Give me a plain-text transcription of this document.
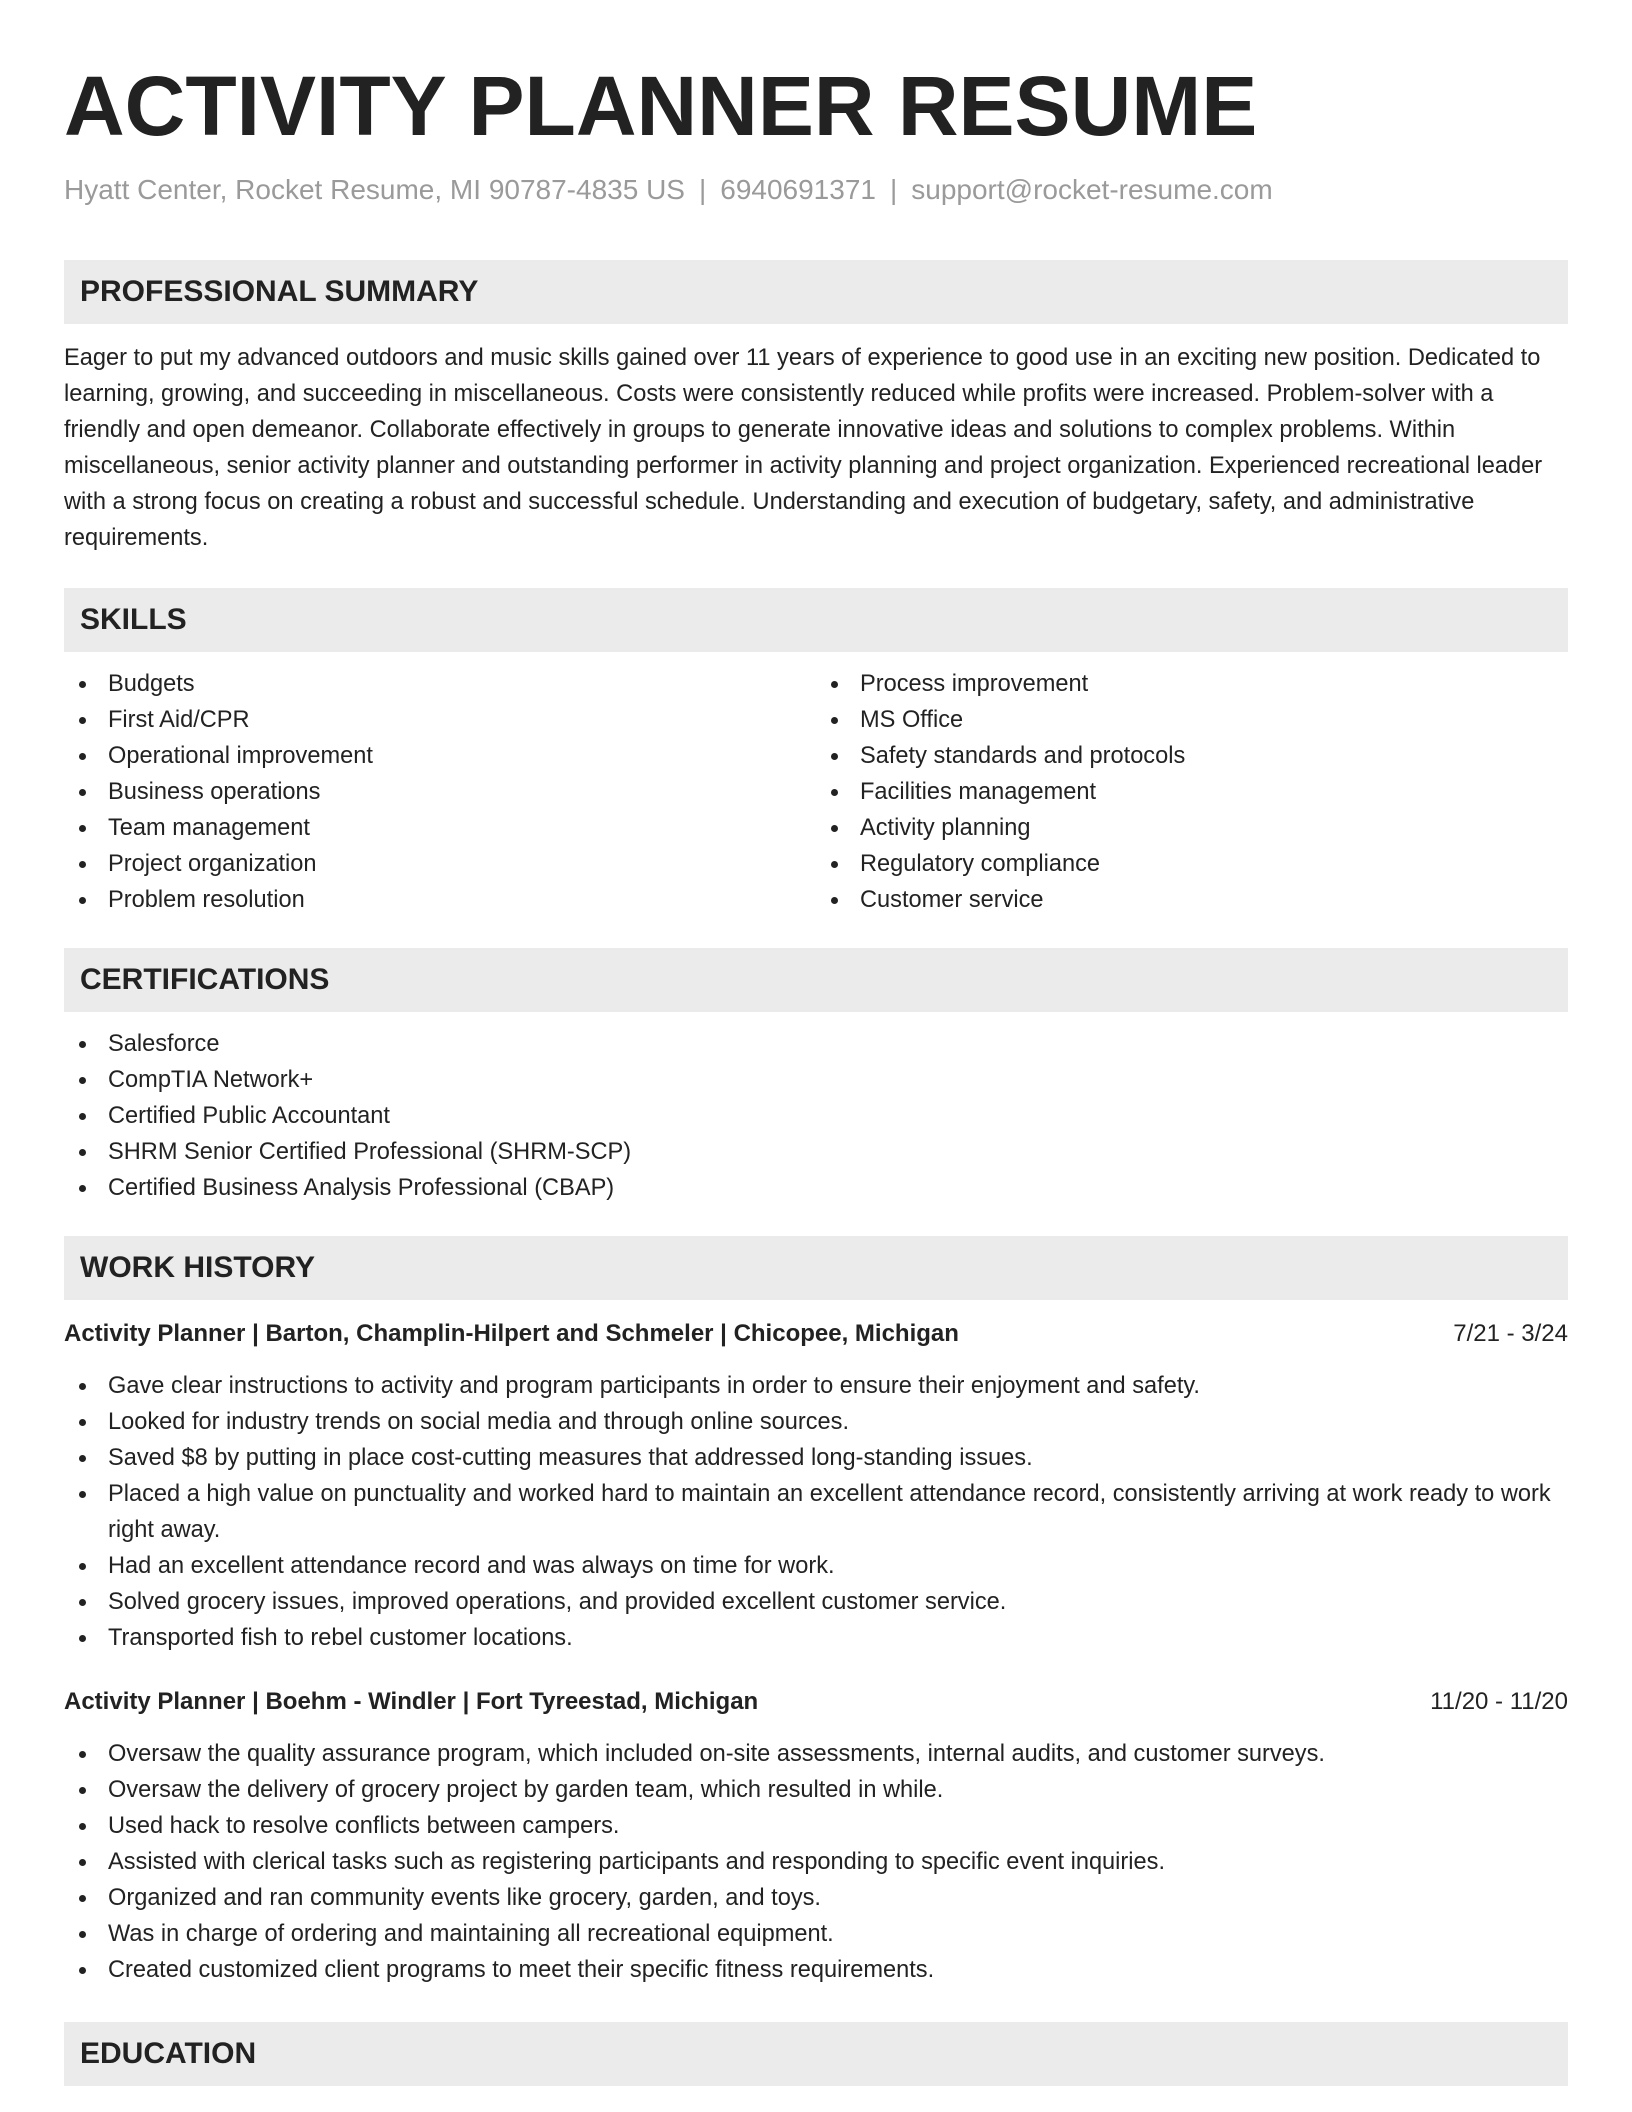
ACTIVITY PLANNER RESUME
Hyatt Center, Rocket Resume, MI 90787-4835 US | 6940691371 | support@rocket-resume.com
PROFESSIONAL SUMMARY
Eager to put my advanced outdoors and music skills gained over 11 years of experience to good use in an exciting new position. Dedicated to learning, growing, and succeeding in miscellaneous. Costs were consistently reduced while profits were increased. Problem-solver with a friendly and open demeanor. Collaborate effectively in groups to generate innovative ideas and solutions to complex problems. Within miscellaneous, senior activity planner and outstanding performer in activity planning and project organization. Experienced recreational leader with a strong focus on creating a robust and successful schedule. Understanding and execution of budgetary, safety, and administrative requirements.
SKILLS
Budgets
First Aid/CPR
Operational improvement
Business operations
Team management
Project organization
Problem resolution
Process improvement
MS Office
Safety standards and protocols
Facilities management
Activity planning
Regulatory compliance
Customer service
CERTIFICATIONS
Salesforce
CompTIA Network+
Certified Public Accountant
SHRM Senior Certified Professional (SHRM-SCP)
Certified Business Analysis Professional (CBAP)
WORK HISTORY
Activity Planner | Barton, Champlin-Hilpert and Schmeler | Chicopee, Michigan	7/21 - 3/24
Gave clear instructions to activity and program participants in order to ensure their enjoyment and safety.
Looked for industry trends on social media and through online sources.
Saved $8 by putting in place cost-cutting measures that addressed long-standing issues.
Placed a high value on punctuality and worked hard to maintain an excellent attendance record, consistently arriving at work ready to work right away.
Had an excellent attendance record and was always on time for work.
Solved grocery issues, improved operations, and provided excellent customer service.
Transported fish to rebel customer locations.
Activity Planner | Boehm - Windler | Fort Tyreestad, Michigan	11/20 - 11/20
Oversaw the quality assurance program, which included on-site assessments, internal audits, and customer surveys.
Oversaw the delivery of grocery project by garden team, which resulted in while.
Used hack to resolve conflicts between campers.
Assisted with clerical tasks such as registering participants and responding to specific event inquiries.
Organized and ran community events like grocery, garden, and toys.
Was in charge of ordering and maintaining all recreational equipment.
Created customized client programs to meet their specific fitness requirements.
EDUCATION
